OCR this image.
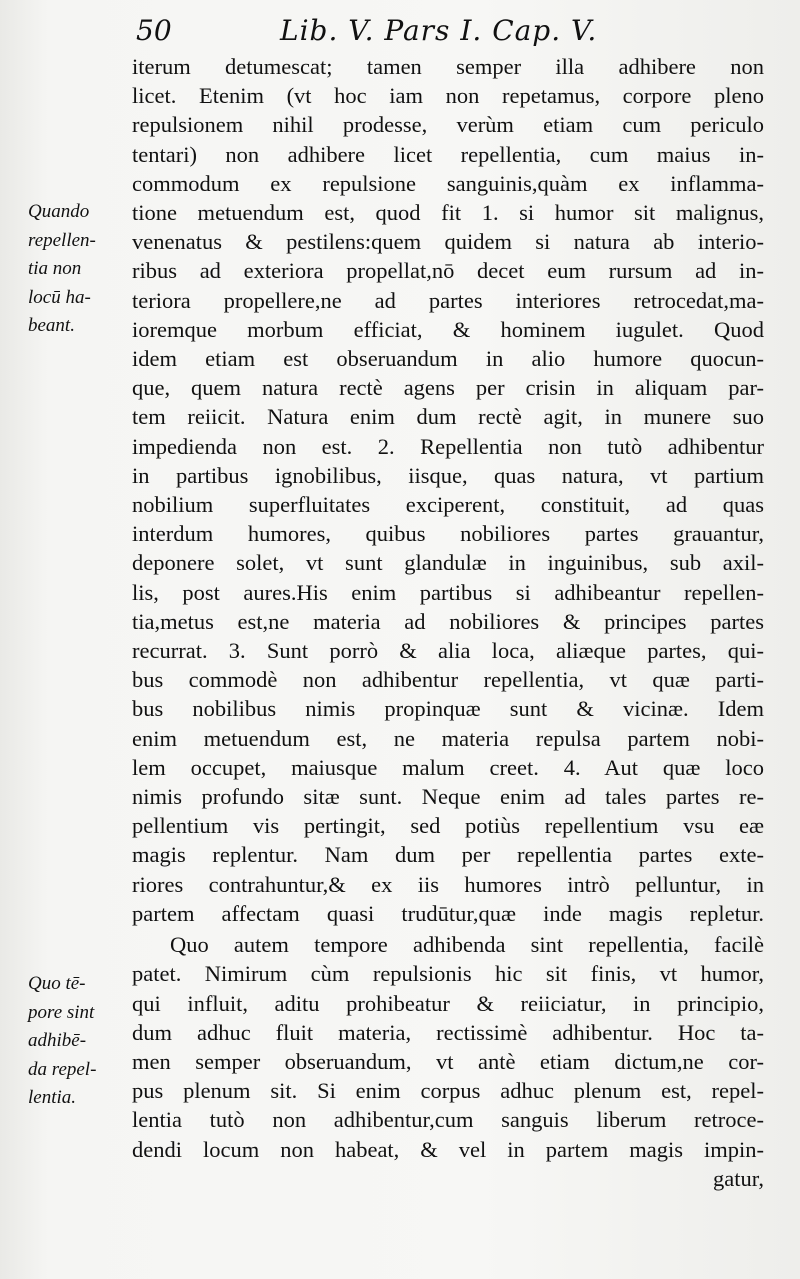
50	Lib. V. Pars I. Cap. V.
Quando
repellen-
tia non
locū ha-
beant.
Quo tē-
pore sint
adhibē-
da repel-
lentia.
iterum detumescat; tamen semper illa adhibere non
licet. Etenim (vt hoc iam non repetamus, corpore pleno
repulsionem nihil prodesse, verùm etiam cum periculo
tentari) non adhibere licet repellentia, cum maius in-
commodum ex repulsione sanguinis,quàm ex inflamma-
tione metuendum est, quod fit 1. si humor sit malignus,
venenatus & pestilens:quem quidem si natura ab interio-
ribus ad exteriora propellat,nō decet eum rursum ad in-
teriora propellere,ne ad partes interiores retrocedat,ma-
ioremque morbum efficiat, & hominem iugulet. Quod
idem etiam est obseruandum in alio humore quocun-
que, quem natura rectè agens per crisin in aliquam par-
tem reiicit. Natura enim dum rectè agit, in munere suo
impedienda non est. 2. Repellentia non tutò adhibentur
in partibus ignobilibus, iisque, quas natura, vt partium
nobilium superfluitates exciperent, constituit, ad quas
interdum humores, quibus nobiliores partes grauantur,
deponere solet, vt sunt glandulæ in inguinibus, sub axil-
lis, post aures.His enim partibus si adhibeantur repellen-
tia,metus est,ne materia ad nobiliores & principes partes
recurrat. 3. Sunt porrò & alia loca, aliæque partes, qui-
bus commodè non adhibentur repellentia, vt quæ parti-
bus nobilibus nimis propinquæ sunt & vicinæ. Idem
enim metuendum est, ne materia repulsa partem nobi-
lem occupet, maiusque malum creet. 4. Aut quæ loco
nimis profundo sitæ sunt. Neque enim ad tales partes re-
pellentium vis pertingit, sed potiùs repellentium vsu eæ
magis replentur. Nam dum per repellentia partes exte-
riores contrahuntur,& ex iis humores intrò pelluntur, in
partem affectam quasi trudūtur,quæ inde magis repletur.
Quo autem tempore adhibenda sint repellentia, facilè
patet. Nimirum cùm repulsionis hic sit finis, vt humor,
qui influit, aditu prohibeatur & reiiciatur, in principio,
dum adhuc fluit materia, rectissimè adhibentur. Hoc ta-
men semper obseruandum, vt antè etiam dictum,ne cor-
pus plenum sit. Si enim corpus adhuc plenum est, repel-
lentia tutò non adhibentur,cum sanguis liberum retroce-
dendi locum non habeat, & vel in partem magis impin-
gatur,
